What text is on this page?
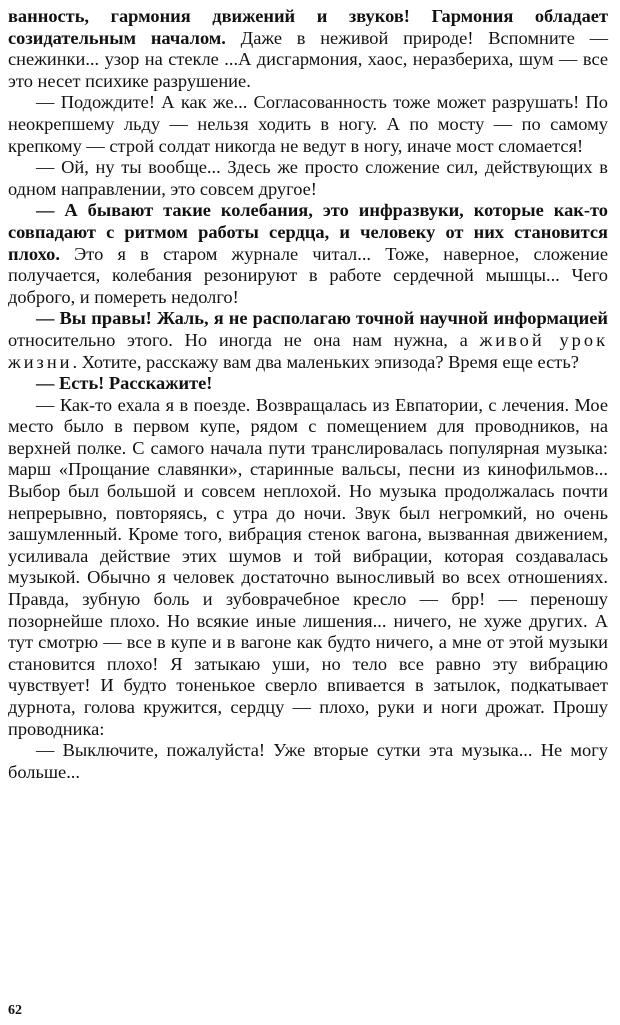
ванность, гармония движений и звуков! Гармония обладает созидательным началом. Даже в неживой природе! Вспомните — снежинки... узор на стекле ...А дисгармония, хаос, неразбериха, шум — все это несет психике разрушение.

— Подождите! А как же... Согласованность тоже может разрушать! По неокрепшему льду — нельзя ходить в ногу. А по мосту — по самому крепкому — строй солдат никогда не ведут в ногу, иначе мост сломается!

— Ой, ну ты вообще... Здесь же просто сложение сил, действующих в одном направлении, это совсем другое!

— А бывают такие колебания, это инфразвуки, которые как-то совпадают с ритмом работы сердца, и человеку от них становится плохо. Это я в старом журнале читал... Тоже, наверное, сложение получается, колебания резонируют в работе сердечной мышцы... Чего доброго, и помереть недолго!

— Вы правы! Жаль, я не располагаю точной научной информацией относительно этого. Но иногда не она нам нужна, а живой урок жизни. Хотите, расскажу вам два маленьких эпизода? Время еще есть?

— Есть! Расскажите!

— Как-то ехала я в поезде. Возвращалась из Евпатории, с лечения. Мое место было в первом купе, рядом с помещением для проводников, на верхней полке. С самого начала пути транслировалась популярная музыка: марш «Прощание славянки», старинные вальсы, песни из кинофильмов... Выбор был большой и совсем неплохой. Но музыка продолжалась почти непрерывно, повторяясь, с утра до ночи. Звук был негромкий, но очень зашумленный. Кроме того, вибрация стенок вагона, вызванная движением, усиливала действие этих шумов и той вибрации, которая создавалась музыкой. Обычно я человек достаточно выносливый во всех отношениях. Правда, зубную боль и зубоврачебное кресло — брр! — переношу позорнейше плохо. Но всякие иные лишения... ничего, не хуже других. А тут смотрю — все в купе и в вагоне как будто ничего, а мне от этой музыки становится плохо! Я затыкаю уши, но тело все равно эту вибрацию чувствует! И будто тоненькое сверло впивается в затылок, подкатывает дурнота, голова кружится, сердцу — плохо, руки и ноги дрожат. Прошу проводника:

— Выключите, пожалуйста! Уже вторые сутки эта музыка... Не могу больше...

62
